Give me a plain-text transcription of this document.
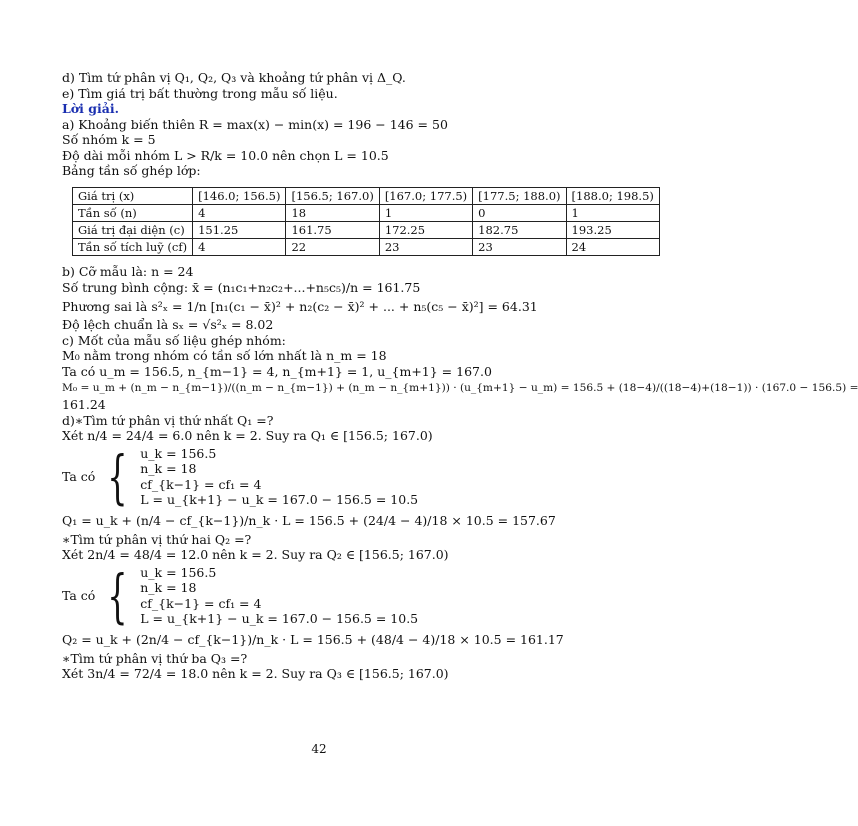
d) Tìm tứ phân vị Q₁, Q₂, Q₃ và khoảng tứ phân vị Δ_Q.
e) Tìm giá trị bất thường trong mẫu số liệu.
Lời giải.
a) Khoảng biến thiên R = max(x) − min(x) = 196 − 146 = 50
Số nhóm k = 5
Độ dài mỗi nhóm L > R/k = 10.0 nên chọn L = 10.5
Bảng tần số ghép lớp:
Giá trị (x)	[146.0; 156.5)	[156.5; 167.0)	[167.0; 177.5)	[177.5; 188.0)	[188.0; 198.5)
Tần số (n)	4	18	1	0	1
Giá trị đại diện (c)	151.25	161.75	172.25	182.75	193.25
Tần số tích luỹ (cf)	4	22	23	23	24
b) Cỡ mẫu là: n = 24
Số trung bình cộng: x̄ = (n₁c₁+n₂c₂+...+n₅c₅)/n = 161.75
Phương sai là s²ₓ = 1/n [n₁(c₁ − x̄)² + n₂(c₂ − x̄)² + ... + n₅(c₅ − x̄)²] = 64.31
Độ lệch chuẩn là sₓ = √s²ₓ = 8.02
c) Mốt của mẫu số liệu ghép nhóm:
M₀ nằm trong nhóm có tần số lớn nhất là n_m = 18
Ta có u_m = 156.5, n_{m−1} = 4, n_{m+1} = 1, u_{m+1} = 167.0
M₀ = u_m + (n_m − n_{m−1})/((n_m − n_{m−1}) + (n_m − n_{m+1})) · (u_{m+1} − u_m) = 156.5 + (18−4)/((18−4)+(18−1)) · (167.0 − 156.5) =
161.24
d)∗Tìm tứ phân vị thứ nhất Q₁ =?
Xét n/4 = 24/4 = 6.0 nên k = 2. Suy ra Q₁ ∈ [156.5; 167.0)
Ta có { u_k = 156.5
n_k = 18
cf_{k−1} = cf₁ = 4
L = u_{k+1} − u_k = 167.0 − 156.5 = 10.5
Q₁ = u_k + (n/4 − cf_{k−1})/n_k · L = 156.5 + (24/4 − 4)/18 × 10.5 = 157.67
∗Tìm tứ phân vị thứ hai Q₂ =?
Xét 2n/4 = 48/4 = 12.0 nên k = 2. Suy ra Q₂ ∈ [156.5; 167.0)
Ta có { u_k = 156.5
n_k = 18
cf_{k−1} = cf₁ = 4
L = u_{k+1} − u_k = 167.0 − 156.5 = 10.5
Q₂ = u_k + (2n/4 − cf_{k−1})/n_k · L = 156.5 + (48/4 − 4)/18 × 10.5 = 161.17
∗Tìm tứ phân vị thứ ba Q₃ =?
Xét 3n/4 = 72/4 = 18.0 nên k = 2. Suy ra Q₃ ∈ [156.5; 167.0)
42
